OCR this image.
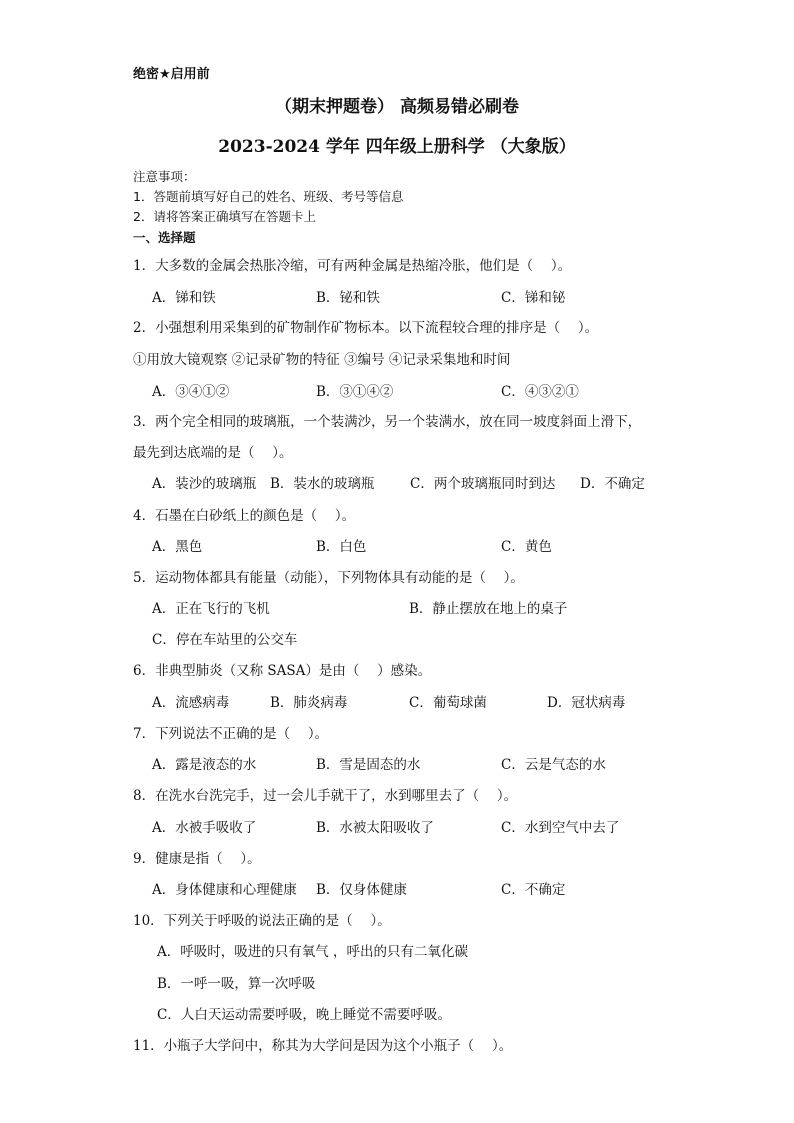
绝密★启用前
（期末押题卷） 高频易错必刷卷
2023-2024 学年 四年级上册科学 （大象版）
注意事项：
1．答题前填写好自己的姓名、班级、考号等信息
2．请将答案正确填写在答题卡上
一、选择题
1．大多数的金属会热胀冷缩，可有两种金属是热缩冷胀，他们是（　 ）。
A．锑和铁	B．铋和铁	C．锑和铋
2．小强想利用采集到的矿物制作矿物标本。以下流程较合理的排序是（　 ）。
①用放大镜观察 ②记录矿物的特征 ③编号 ④记录采集地和时间
A．③④①②	B．③①④②	C．④③②①
3．两个完全相同的玻璃瓶，一个装满沙，另一个装满水，放在同一坡度斜面上滑下，
最先到达底端的是（　 ）。
A．装沙的玻璃瓶 B．装水的玻璃瓶	C．两个玻璃瓶同时到达 D．不确定
4．石墨在白砂纸上的颜色是（　 ）。
A．黑色	B．白色	C．黄色
5．运动物体都具有能量（动能），下列物体具有动能的是（　 ）。
A．正在飞行的飞机	B．静止摆放在地上的桌子
C．停在车站里的公交车
6．非典型肺炎（又称 SASA）是由（　 ）感染。
A．流感病毒	B．肺炎病毒	C．葡萄球菌	D．冠状病毒
7．下列说法不正确的是（　 ）。
A．露是液态的水	B．雪是固态的水	C．云是气态的水
8．在洗水台洗完手，过一会儿手就干了，水到哪里去了（　 ）。
A．水被手吸收了	B．水被太阳吸收了	C．水到空气中去了
9．健康是指（　 ）。
A．身体健康和心理健康 B．仅身体健康	C．不确定
10．下列关于呼吸的说法正确的是（　 ）。
A．呼吸时，吸进的只有氧气 ，呼出的只有二氧化碳
B．一呼一吸，算一次呼吸
C．人白天运动需要呼吸，晚上睡觉不需要呼吸。
11．小瓶子大学问中，称其为大学问是因为这个小瓶子（　 ）。
